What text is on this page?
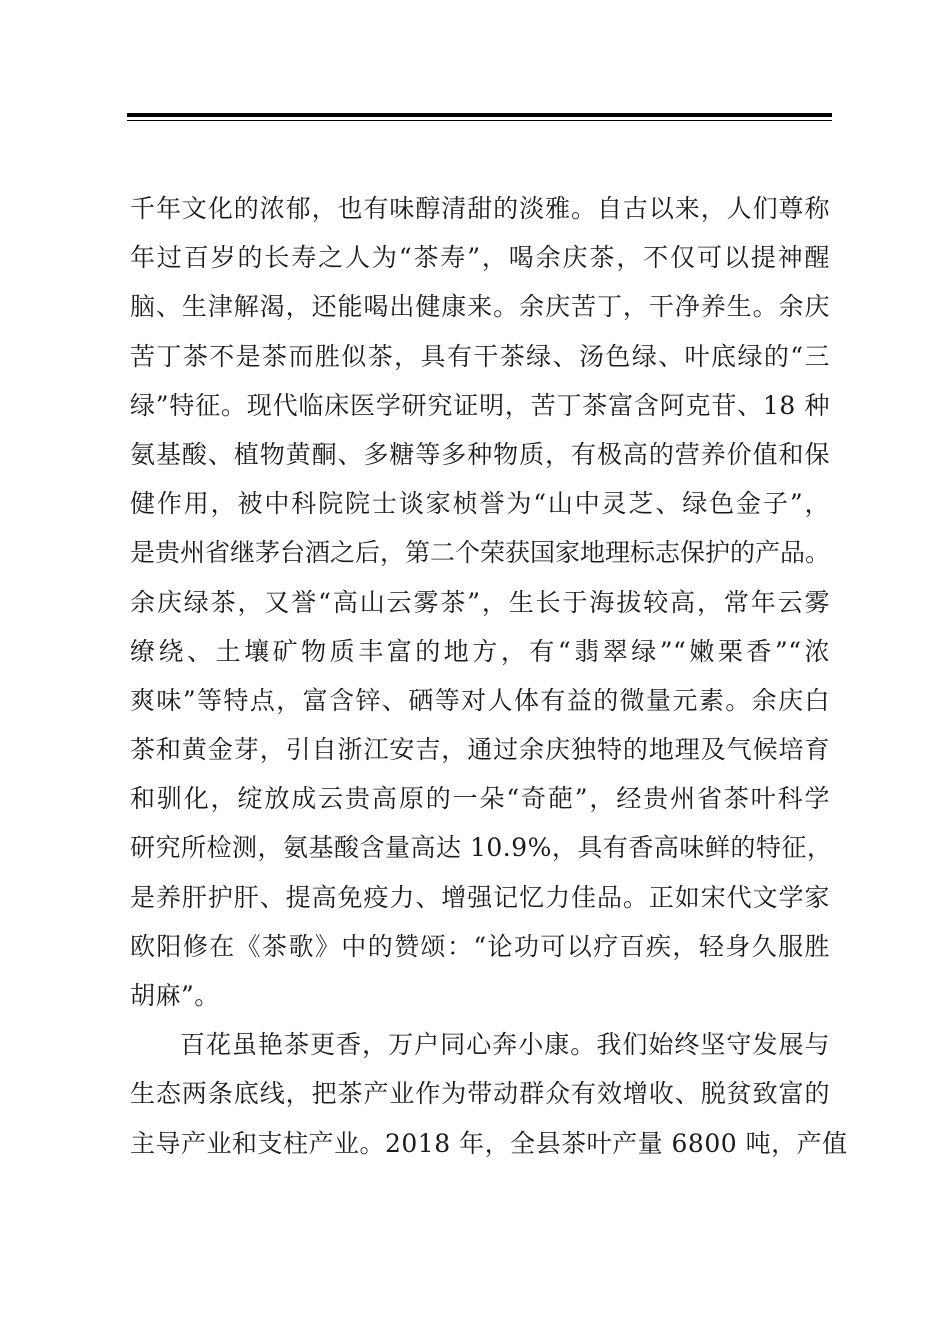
千年文化的浓郁，也有味醇清甜的淡雅。自古以来，人们尊称
年过百岁的长寿之人为“茶寿”，喝余庆茶，不仅可以提神醒
脑、生津解渴，还能喝出健康来。余庆苦丁，干净养生。余庆
苦丁茶不是茶而胜似茶，具有干茶绿、汤色绿、叶底绿的“三
绿”特征。现代临床医学研究证明，苦丁茶富含阿克苷、18 种
氨基酸、植物黄酮、多糖等多种物质，有极高的营养价值和保
健作用，被中科院院士谈家桢誉为“山中灵芝、绿色金子”，
是贵州省继茅台酒之后，第二个荣获国家地理标志保护的产品。
余庆绿茶，又誉“高山云雾茶”，生长于海拔较高，常年云雾
缭绕、土壤矿物质丰富的地方，有“翡翠绿”“嫩栗香”“浓
爽味”等特点，富含锌、硒等对人体有益的微量元素。余庆白
茶和黄金芽，引自浙江安吉，通过余庆独特的地理及气候培育
和驯化，绽放成云贵高原的一朵“奇葩”，经贵州省茶叶科学
研究所检测，氨基酸含量高达 10.9%，具有香高味鲜的特征，
是养肝护肝、提高免疫力、增强记忆力佳品。正如宋代文学家
欧阳修在《茶歌》中的赞颂：“论功可以疗百疾，轻身久服胜
胡麻”。
百花虽艳茶更香，万户同心奔小康。我们始终坚守发展与
生态两条底线，把茶产业作为带动群众有效增收、脱贫致富的
主导产业和支柱产业。2018 年，全县茶叶产量 6800 吨，产值
